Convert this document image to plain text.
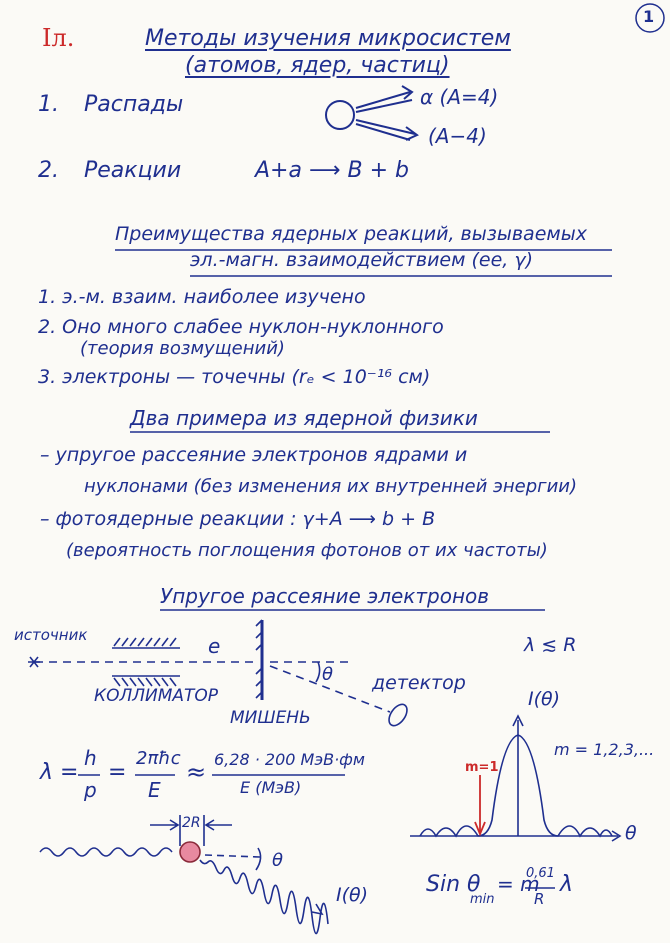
1
Iл.	Методы изучения микросистем
(атомов, ядер, частиц)
1. Распады	α (A=4)
(A−4)
2. Реакции	A+a ⟶ B + b
Преимущества ядерных реакций, вызываемых
эл.-магн. взаимодействием (ee, γ)
1. э.-м. взаим. наиболее изучено
2. Оно много слабее нуклон-нуклонного
(теория возмущений)
3. электроны — точечны (rₑ < 10⁻¹⁶ см)
Два примера из ядерной физики
– упругое рассеяние электронов ядрами и
нуклонами (без изменения их внутренней энергии)
– фотоядерные реакции : γ+A ⟶ b + B
(вероятность поглощения фотонов от их частоты)
Упругое рассеяние электронов
источник	e
КОЛЛИМАТОР
МИШЕНЬ
θ детектор
λ ≲ R
I(θ)
m = 1,2,3,...
m=1
θ
λ =
h
p
=
2πħc
E
≈ 6,28 · 200 МэВ·фм
E (МэВ)
2R
θ
I(θ)	Sin θ
min
= m
0,61
R
λ
